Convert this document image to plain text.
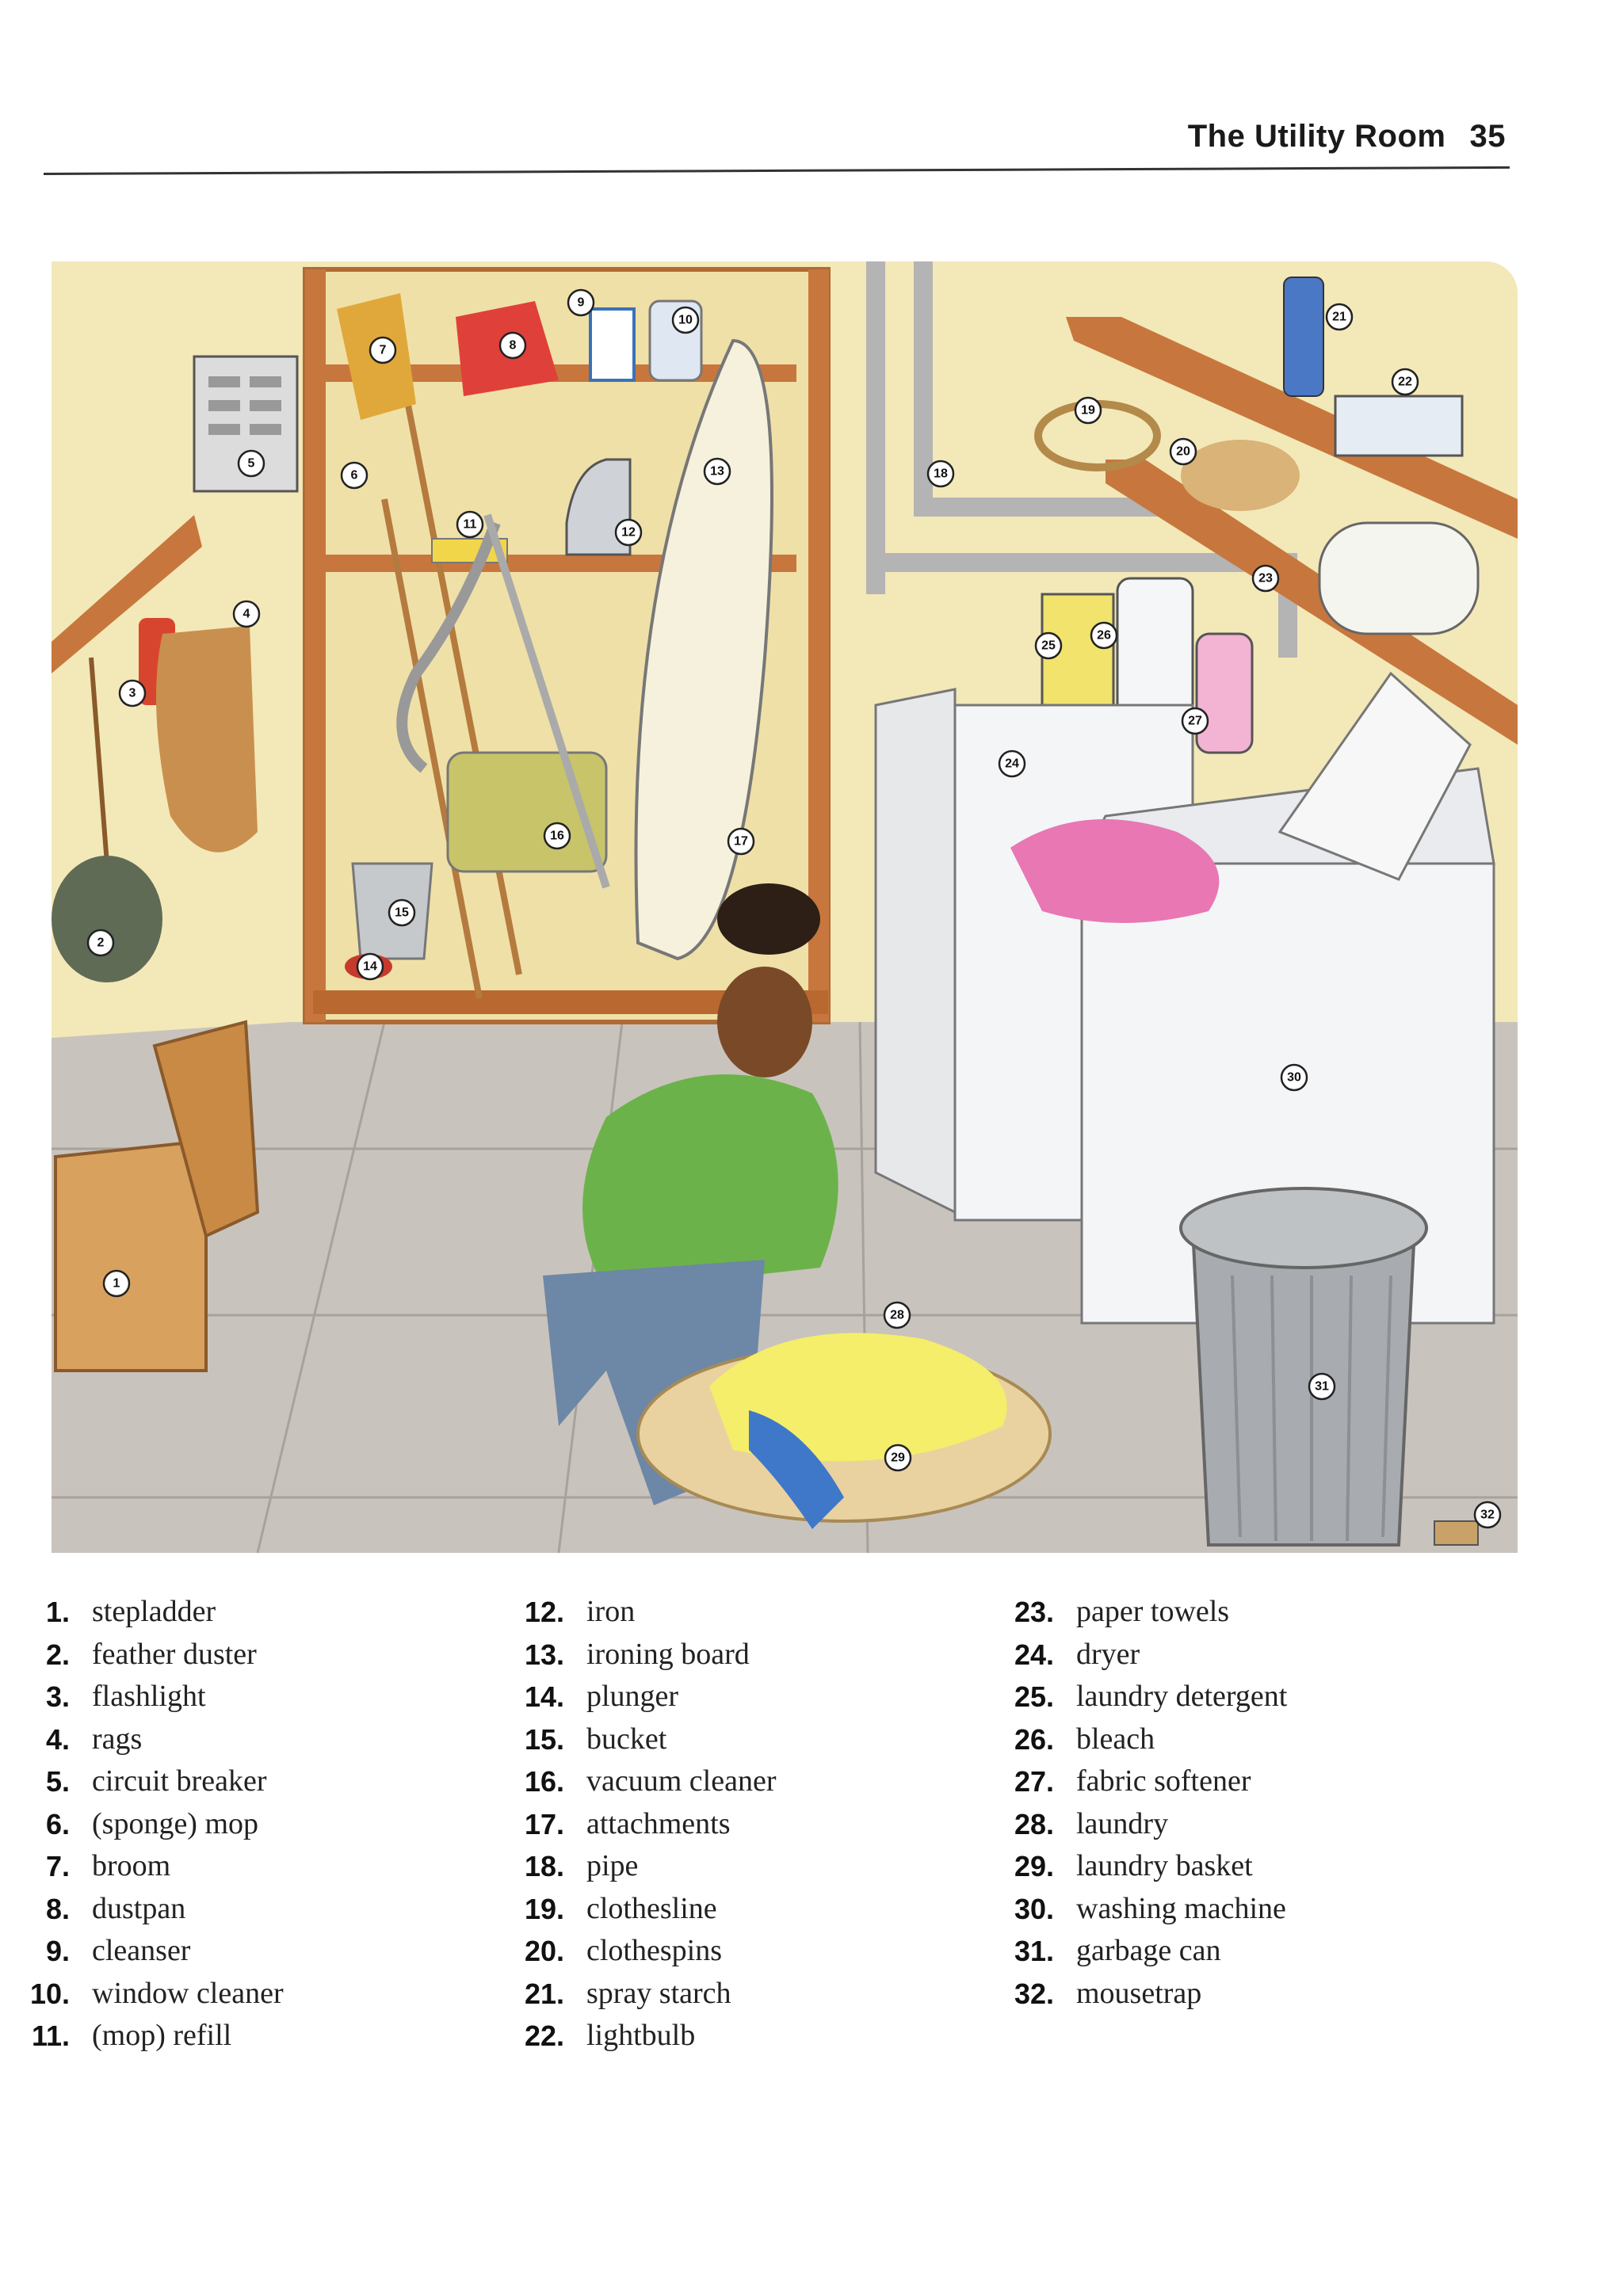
The Utility Room 35
1
2
3
4
5
6
7	8
9
10
11
12
13
14
15
16	17
18
19
20
21
22
23
24
25
26
27
28
29
30
31
32
1. stepladder
2. feather duster
3. flashlight
4. rags
5. circuit breaker
6. (sponge) mop
7. broom
8. dustpan
9. cleanser
10. window cleaner
11. (mop) refill
12. iron
13. ironing board
14. plunger
15. bucket
16. vacuum cleaner
17. attachments
18. pipe
19. clothesline
20. clothespins
21. spray starch
22. lightbulb
23. paper towels
24. dryer
25. laundry detergent
26. bleach
27. fabric softener
28. laundry
29. laundry basket
30. washing machine
31. garbage can
32. mousetrap
